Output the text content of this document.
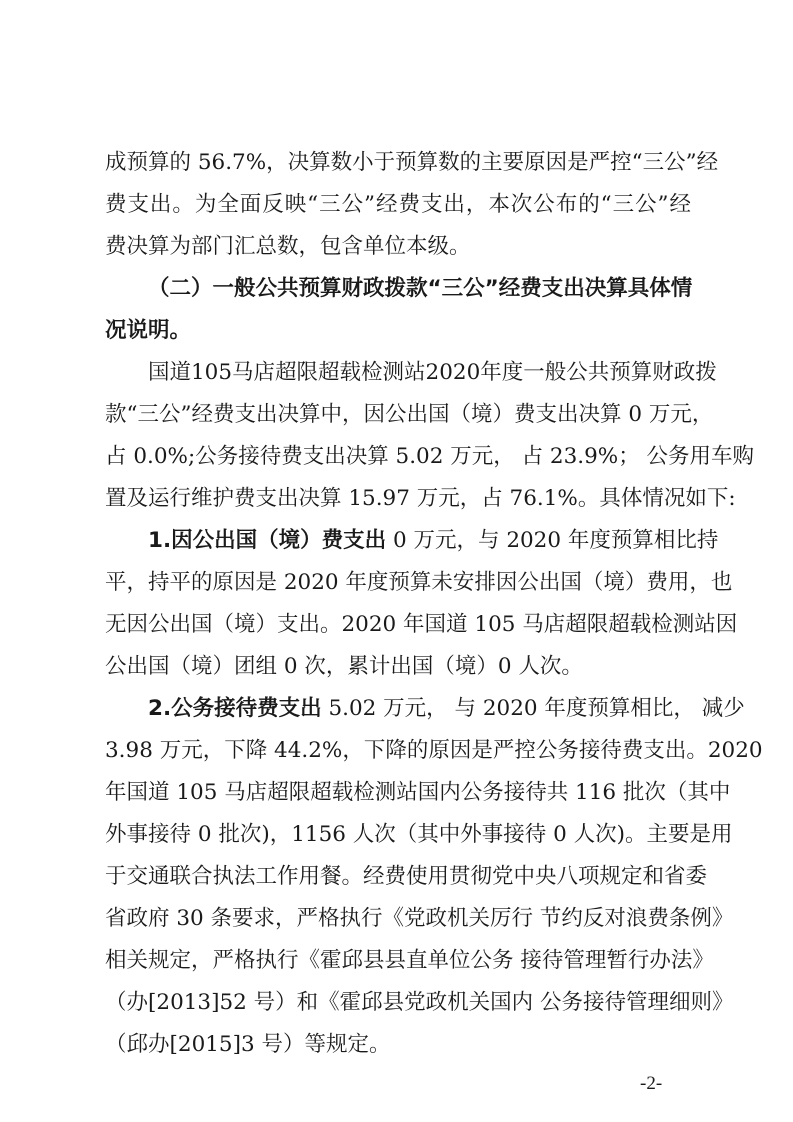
成预算的 56.7%，决算数小于预算数的主要原因是严控“三公”经
费支出。为全面反映“三公”经费支出，本次公布的“三公”经
费决算为部门汇总数，包含单位本级。
（二）一般公共预算财政拨款“三公”经费支出决算具体情
况说明。
国道105马店超限超载检测站2020年度一般公共预算财政拨
款“三公”经费支出决算中，因公出国（境）费支出决算 0 万元，
占 0.0%;公务接待费支出决算 5.02 万元， 占 23.9%； 公务用车购
置及运行维护费支出决算 15.97 万元，占 76.1%。具体情况如下:
1.因公出国（境）费支出 0 万元，与 2020 年度预算相比持
平，持平的原因是 2020 年度预算未安排因公出国（境）费用，也
无因公出国（境）支出。2020 年国道 105 马店超限超载检测站因
公出国（境）团组 0 次，累计出国（境）0 人次。
2.公务接待费支出 5.02 万元， 与 2020 年度预算相比， 减少
3.98 万元，下降 44.2%，下降的原因是严控公务接待费支出。2020
年国道 105 马店超限超载检测站国内公务接待共 116 批次（其中
外事接待 0 批次)，1156 人次（其中外事接待 0 人次)。主要是用
于交通联合执法工作用餐。经费使用贯彻党中央八项规定和省委
省政府 30 条要求，严格执行《党政机关厉行 节约反对浪费条例》
相关规定，严格执行《霍邱县县直单位公务 接待管理暂行办法》
（办[2013]52 号）和《霍邱县党政机关国内 公务接待管理细则》
（邱办[2015]3 号）等规定。
-2-
